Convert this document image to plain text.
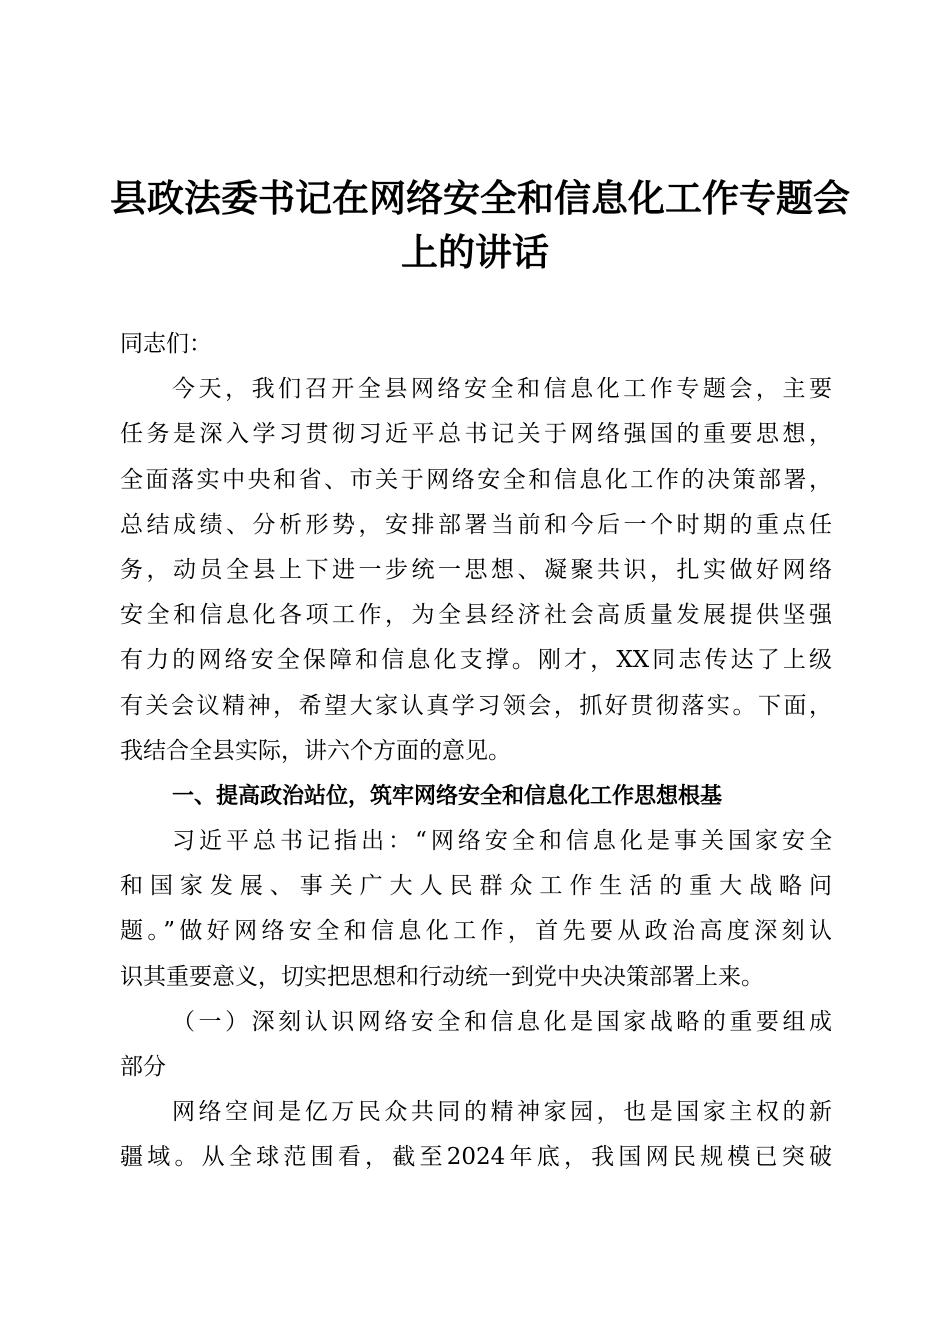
县政法委书记在网络安全和信息化工作专题会
上的讲话
同志们：
今天，我们召开全县网络安全和信息化工作专题会，主要
任务是深入学习贯彻习近平总书记关于网络强国的重要思想，
全面落实中央和省、市关于网络安全和信息化工作的决策部署，
总结成绩、分析形势，安排部署当前和今后一个时期的重点任
务，动员全县上下进一步统一思想、凝聚共识，扎实做好网络
安全和信息化各项工作，为全县经济社会高质量发展提供坚强
有力的网络安全保障和信息化支撑。刚才，XX同志传达了上级
有关会议精神，希望大家认真学习领会，抓好贯彻落实。下面，
我结合全县实际，讲六个方面的意见。
一、提高政治站位，筑牢网络安全和信息化工作思想根基
习近平总书记指出：“网络安全和信息化是事关国家安全
和国家发展、事关广大人民群众工作生活的重大战略问
题。”做好网络安全和信息化工作，首先要从政治高度深刻认
识其重要意义，切实把思想和行动统一到党中央决策部署上来。
（一）深刻认识网络安全和信息化是国家战略的重要组成
部分
网络空间是亿万民众共同的精神家园，也是国家主权的新
疆域。从全球范围看，截至2024年底，我国网民规模已突破
